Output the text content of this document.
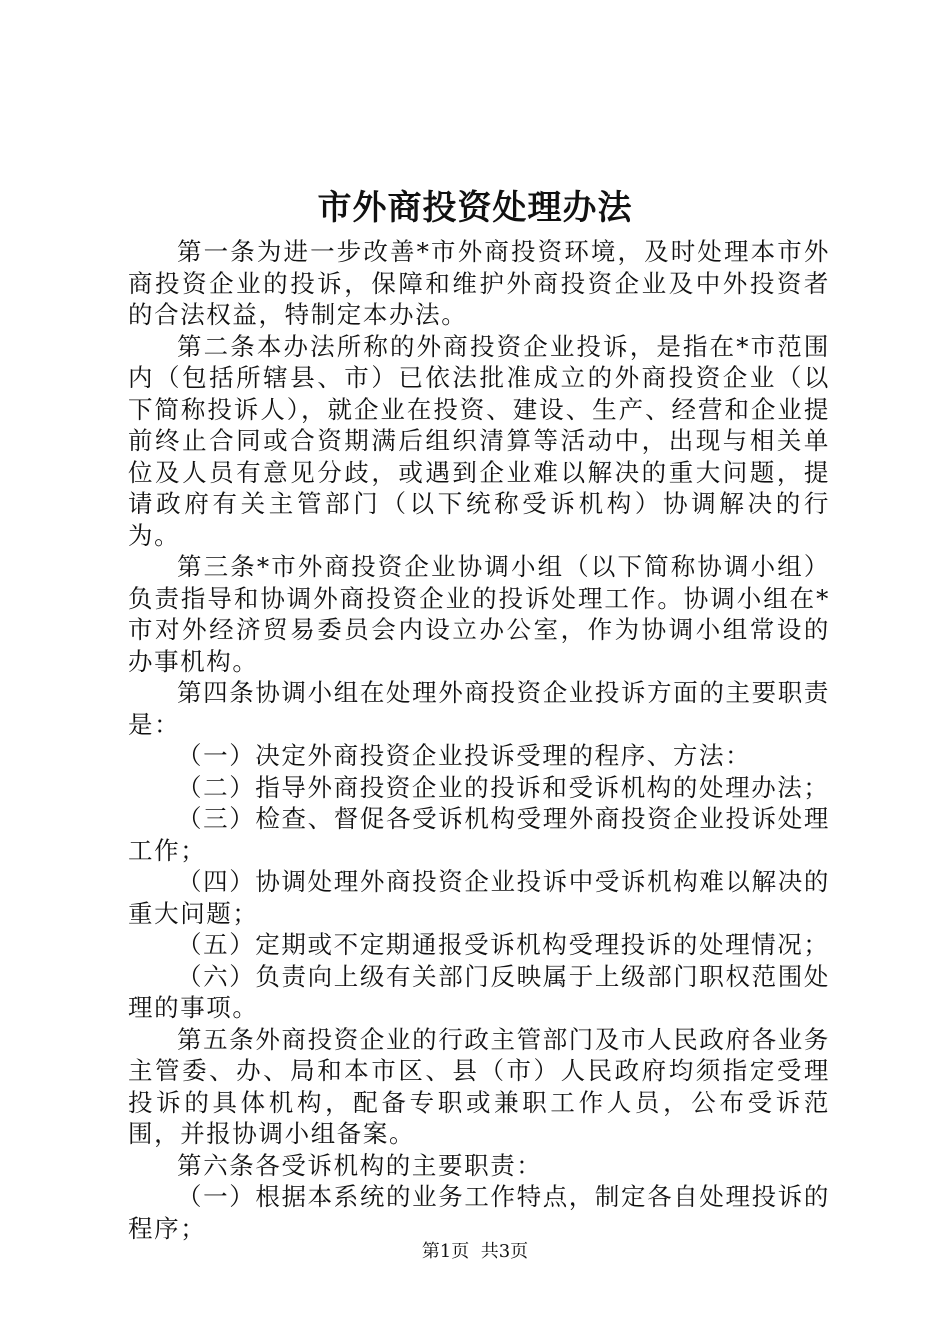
市外商投资处理办法

第一条为进一步改善*市外商投资环境，及时处理本市外商投资企业的投诉，保障和维护外商投资企业及中外投资者的合法权益，特制定本办法。

第二条本办法所称的外商投资企业投诉，是指在*市范围内（包括所辖县、市）已依法批准成立的外商投资企业（以下简称投诉人），就企业在投资、建设、生产、经营和企业提前终止合同或合资期满后组织清算等活动中，出现与相关单位及人员有意见分歧，或遇到企业难以解决的重大问题，提请政府有关主管部门（以下统称受诉机构）协调解决的行为。

第三条*市外商投资企业协调小组（以下简称协调小组）负责指导和协调外商投资企业的投诉处理工作。协调小组在*市对外经济贸易委员会内设立办公室，作为协调小组常设的办事机构。

第四条协调小组在处理外商投资企业投诉方面的主要职责是：

（一）决定外商投资企业投诉受理的程序、方法：

（二）指导外商投资企业的投诉和受诉机构的处理办法；

（三）检查、督促各受诉机构受理外商投资企业投诉处理工作；

（四）协调处理外商投资企业投诉中受诉机构难以解决的重大问题；

（五）定期或不定期通报受诉机构受理投诉的处理情况；

（六）负责向上级有关部门反映属于上级部门职权范围处理的事项。

第五条外商投资企业的行政主管部门及市人民政府各业务主管委、办、局和本市区、县（市）人民政府均须指定受理投诉的具体机构，配备专职或兼职工作人员，公布受诉范围，并报协调小组备案。

第六条各受诉机构的主要职责：

（一）根据本系统的业务工作特点，制定各自处理投诉的程序；

第1页  共3页
